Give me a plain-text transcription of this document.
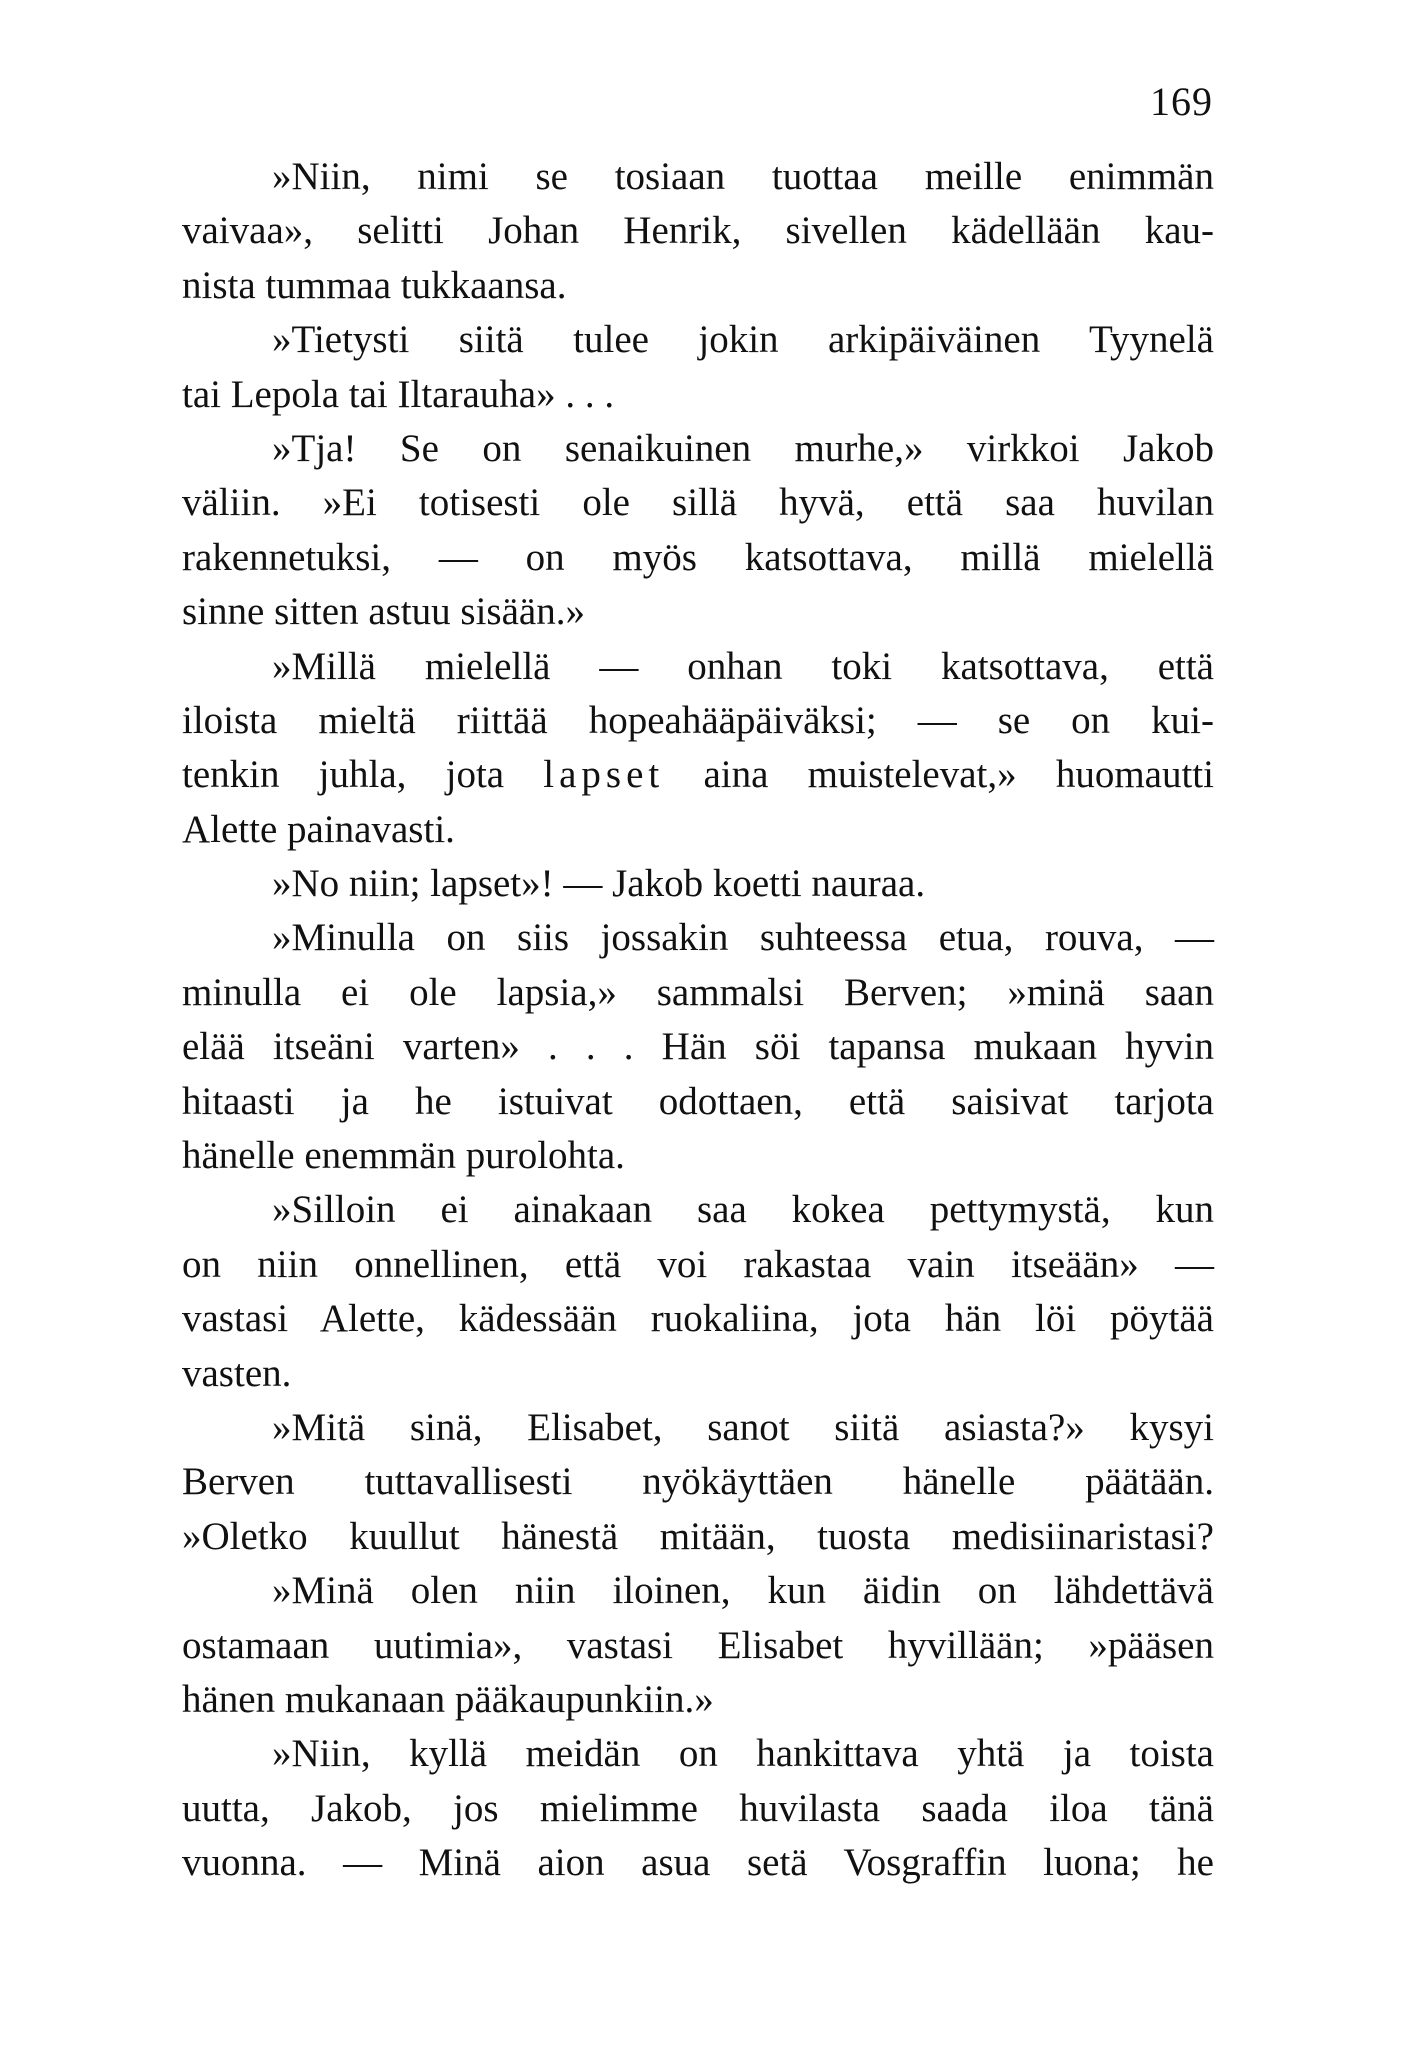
169
»Niin, nimi se tosiaan tuottaa meille enimmän
vaivaa», selitti Johan Henrik, sivellen kädellään kau-
nista tummaa tukkaansa.
»Tietysti siitä tulee jokin arkipäiväinen Tyynelä
tai Lepola tai Iltarauha» . . .
»Tja! Se on senaikuinen murhe,» virkkoi Jakob
väliin. »Ei totisesti ole sillä hyvä, että saa huvilan
rakennetuksi, — on myös katsottava, millä mielellä
sinne sitten astuu sisään.»
»Millä mielellä — onhan toki katsottava, että
iloista mieltä riittää hopeahääpäiväksi; — se on kui-
tenkin juhla, jota lapset aina muistelevat,» huomautti
Alette painavasti.
»No niin; lapset»! — Jakob koetti nauraa.
»Minulla on siis jossakin suhteessa etua, rouva, —
minulla ei ole lapsia,» sammalsi Berven; »minä saan
elää itseäni varten» . . . Hän söi tapansa mukaan hyvin
hitaasti ja he istuivat odottaen, että saisivat tarjota
hänelle enemmän purolohta.
»Silloin ei ainakaan saa kokea pettymystä, kun
on niin onnellinen, että voi rakastaa vain itseään» —
vastasi Alette, kädessään ruokaliina, jota hän löi pöytää
vasten.
»Mitä sinä, Elisabet, sanot siitä asiasta?» kysyi
Berven tuttavallisesti nyökäyttäen hänelle päätään.
»Oletko kuullut hänestä mitään, tuosta medisiinaristasi?
»Minä olen niin iloinen, kun äidin on lähdettävä
ostamaan uutimia», vastasi Elisabet hyvillään; »pääsen
hänen mukanaan pääkaupunkiin.»
»Niin, kyllä meidän on hankittava yhtä ja toista
uutta, Jakob, jos mielimme huvilasta saada iloa tänä
vuonna. — Minä aion asua setä Vosgraffin luona; he
